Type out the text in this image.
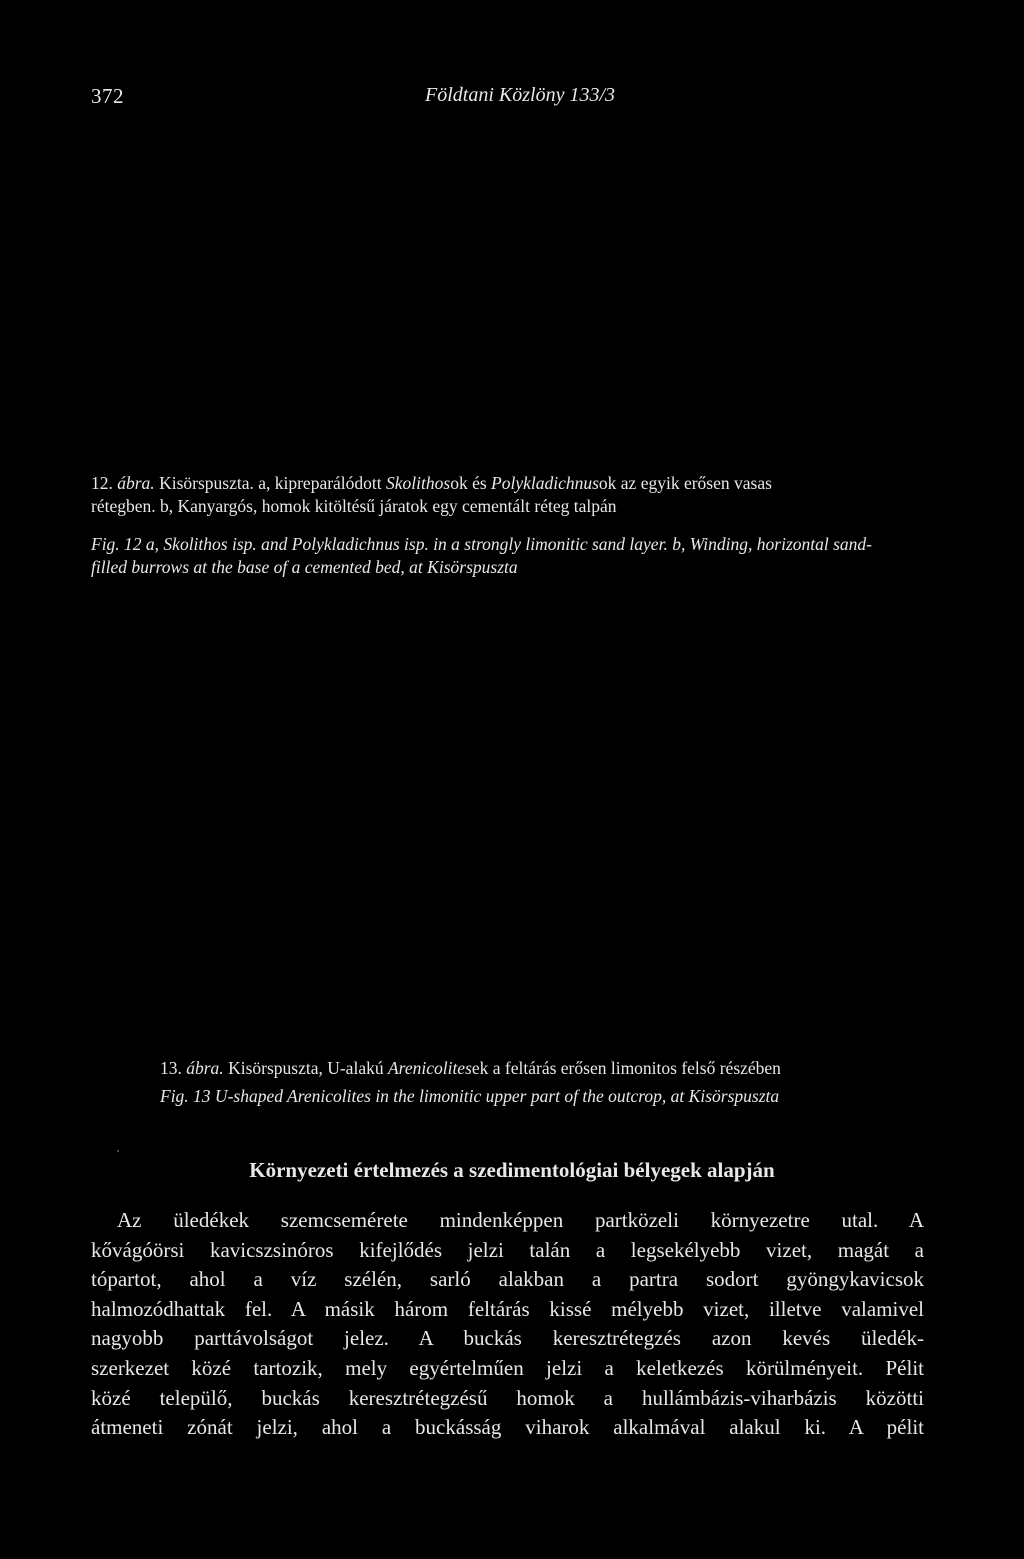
372	Földtani Közlöny 133/3
12. ábra. Kisörspuszta. a, kipreparálódott Skolithosok és Polykladichnusok az egyik erősen vasas
rétegben. b, Kanyargós, homok kitöltésű járatok egy cementált réteg talpán
Fig. 12 a, Skolithos isp. and Polykladichnus isp. in a strongly limonitic sand layer. b, Winding, horizontal sand-
filled burrows at the base of a cemented bed, at Kisörspuszta
13. ábra. Kisörspuszta, U-alakú Arenicolitesek a feltárás erősen limonitos felső részében
Fig. 13 U-shaped Arenicolites in the limonitic upper part of the outcrop, at Kisörspuszta
Környezeti értelmezés a szedimentológiai bélyegek alapján
Az üledékek szemcsemérete mindenképpen partközeli környezetre utal. A
kővágóörsi kavicszsinóros kifejlődés jelzi talán a legsekélyebb vizet, magát a
tópartot, ahol a víz szélén, sarló alakban a partra sodort gyöngykavicsok
halmozódhattak fel. A másik három feltárás kissé mélyebb vizet, illetve valamivel
nagyobb parttávolságot jelez. A buckás keresztrétegzés azon kevés üledék-
szerkezet közé tartozik, mely egyértelműen jelzi a keletkezés körülményeit. Pélit
közé települő, buckás keresztrétegzésű homok a hullámbázis-viharbázis közötti
átmeneti zónát jelzi, ahol a buckásság viharok alkalmával alakul ki. A pélit
